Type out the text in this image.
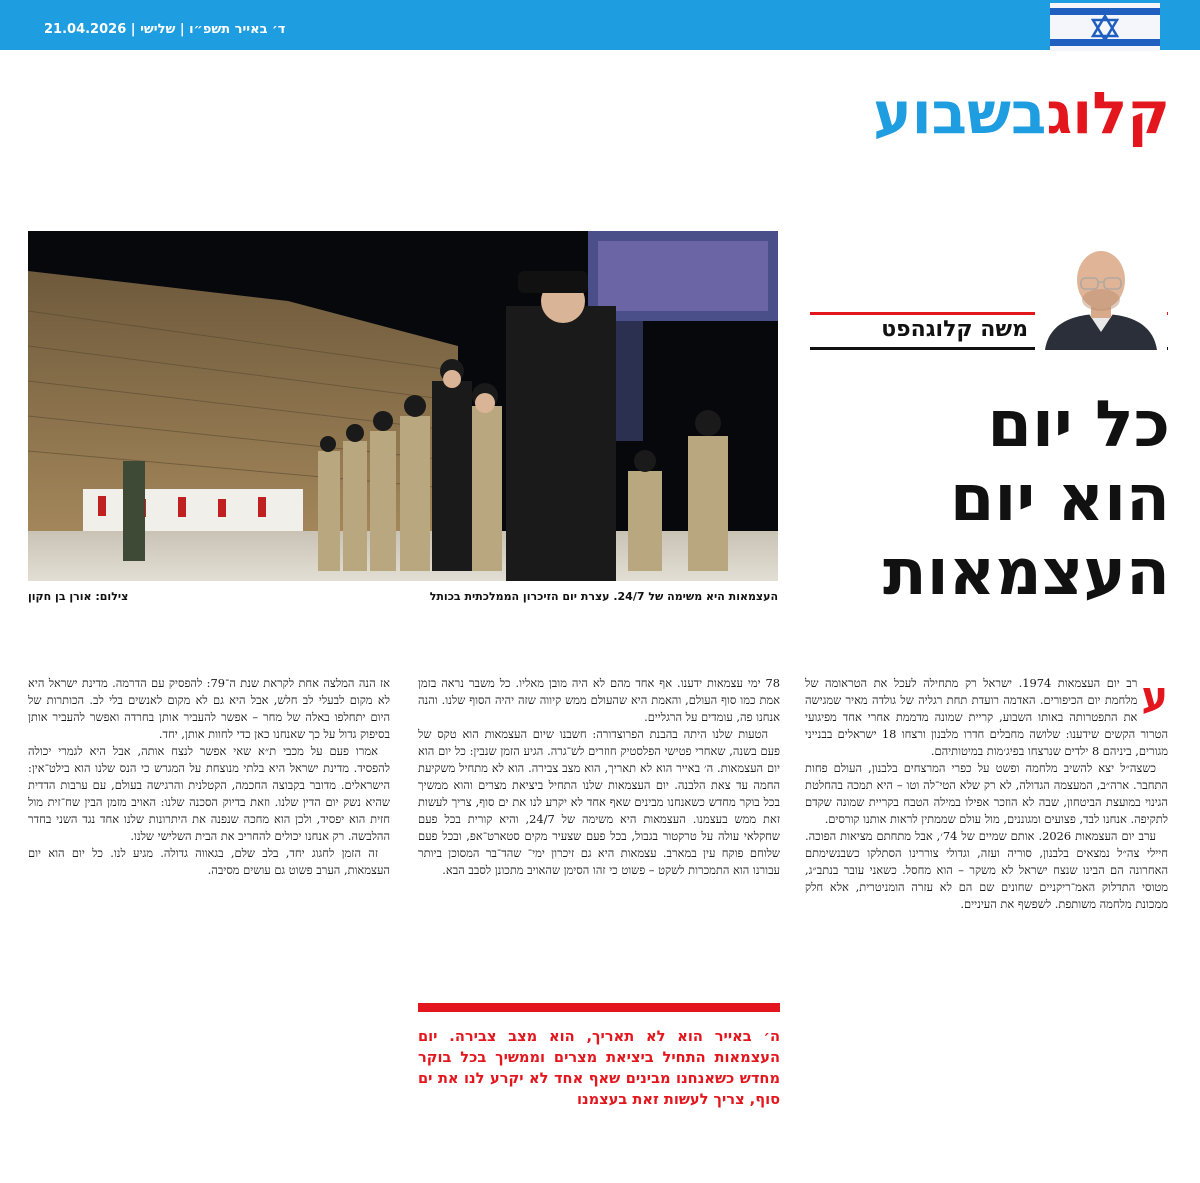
ד׳ באייר תשפ״ו | שלישי | 21.04.2026
קלוגבשבוע
העצמאות היא משימה של 24/7. עצרת יום הזיכרון הממלכתית בכותל
צילום: אורן בן חקון
משה קלוגהפט
כל יום
הוא יום
העצמאות

ע
רב יום העצמאות 1974. ישראל רק מתחילה לעכל את הטראומה של מלחמת יום הכיפורים. האדמה רועדת תחת רגליה של גולדה מאיר שמגישה את התפטרותה באותו השבוע, קריית שמונה מדממת אחרי אחד מפיגועי הטרור הקשים שידענו: שלושה מחבלים חדרו מלבנון ורצחו 18 ישראלים בבנייני מגורים, ביניהם 8 ילדים שנרצחו בפיג׳מות במיטותיהם.

כשצה״ל יצא להשיב מלחמה ופשט על כפרי המרצחים בלבנון, העולם פחות התחבר. ארה״ב, המעצמה הגדולה, לא רק שלא הטי־לה וטו – היא תמכה בהחלטת הגינוי במועצת הביטחון, שבה לא הוזכר אפילו במילה הטבח בקריית שמונה שקדם לתקיפה. אנחנו לבד, פצועים ומגוננים, מול עולם שממתין לראות אותנו קורסים.

ערב יום העצמאות 2026. אותם שמיים של 74׳, אבל מתחתם מציאות הפוכה. חיילי צה״ל נמצאים בלבנון, סוריה ועזה, וגדולי צוררינו הסתלקו כשבנשימתם האחרונה הם הבינו שנצח ישראל לא משקר – הוא מחסל. כשאני עובר בנתב״ג, מטוסי התדלוק האמ־ריקניים שחונים שם הם לא עזרה הומניטרית, אלא חלק ממכונת מלחמה משותפת. לשפשף את העיניים.

78 ימי עצמאות ידענו. אף אחד מהם לא היה מובן מאליו. כל משבר נראה בזמן אמת כמו סוף העולם, והאמת היא שהעולם ממש קיווה שזה יהיה הסוף שלנו. והנה אנחנו פה, עומדים על הרגליים.

הטעות שלנו היתה בהבנת הפרוצדורה: חשבנו שיום העצמאות הוא טקס של פעם בשנה, שאחרי פטישי הפלסטיק חוזרים לש־גרה. הגיע הזמן שנבין: כל יום הוא יום העצמאות. ה׳ באייר הוא לא תאריך, הוא מצב צבירה. הוא לא מתחיל משקיעת החמה עד צאת הלבנה. יום העצמאות שלנו התחיל ביציאת מצרים והוא ממשיך בכל בוקר מחדש כשאנחנו מבינים שאף אחד לא יקרע לנו את ים סוף, צריך לעשות זאת ממש בעצמנו. העצמאות היא משימה של 24/7, והיא קורית בכל פעם שחקלאי עולה על טרקטור בגבול, בכל פעם שצעיר מקים סטארט־אפ, ובכל פעם שלוחם פוקח עין במארב. עצמאות היא גם זיכרון ימי־ שהד־בר המסוכן ביותר עבורנו הוא התמכרות לשקט – פשוט כי זהו הסימן שהאויב מתכונן לסבב הבא.

אז הנה המלצה אחת לקראת שנת ה־79: להפסיק עם הדרמה. מדינת ישראל היא לא מקום לבעלי לב חלש, אבל היא גם לא מקום לאנשים בלי לב. הכותרות של היום יתחלפו באלה של מחר – אפשר להעביר אותן בחרדה ואפשר להעביר אותן בסיפוק גדול על כך שאנחנו כאן כדי לחוות אותן, יחד.

אמרו פעם על מכבי ת״א שאי אפשר לנצח אותה, אבל היא לגמרי יכולה להפסיד. מדינת ישראל היא בלתי מנוצחת על המגרש כי הנס שלנו הוא בילט־אין: הישראלים. מדובר בקבוצה החכמה, הקטלנית והרגישה בעולם, עם ערבות הדדית שהיא נשק יום הדין שלנו. וזאת בדיוק הסכנה שלנו: האויב מזמן הבין שח־זית מול חזית הוא יפסיד, ולכן הוא מחכה שנפנה את היתרונות שלנו אחד נגד השני בחדר ההלבשה. רק אנחנו יכולים להחריב את הבית השלישי שלנו.

זה הזמן לחגוג יחד, בלב שלם, בגאווה גדולה. מגיע לנו. כל יום הוא יום העצמאות, הערב פשוט גם עושים מסיבה.

ה׳ באייר הוא לא תאריך, הוא מצב צבירה. יום העצמאות התחיל ביציאת מצרים וממשיך בכל בוקר מחדש כשאנחנו מבינים שאף אחד לא יקרע לנו את ים סוף, צריך לעשות זאת בעצמנו
